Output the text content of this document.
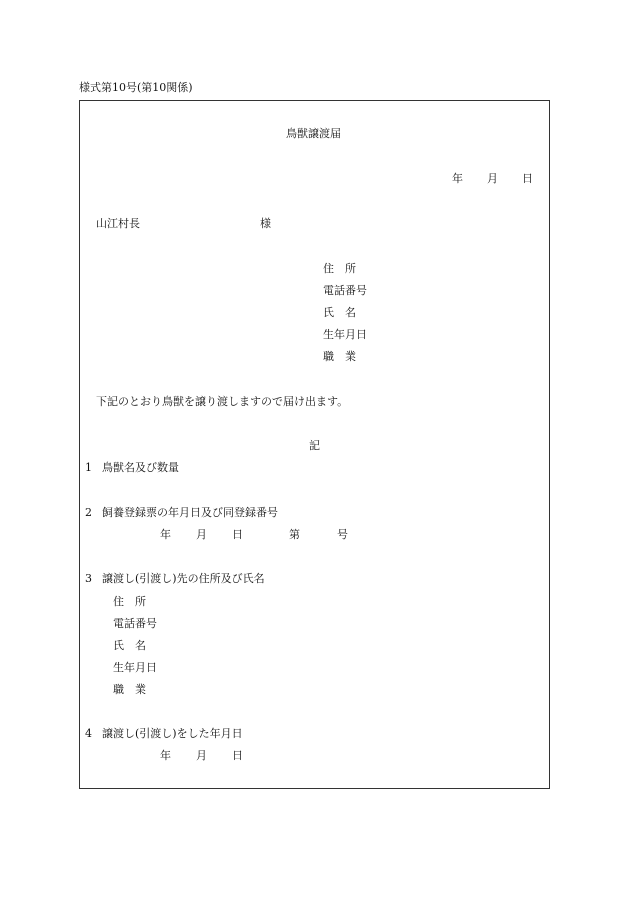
様式第10号(第10関係)
鳥獣譲渡届
年 月 日
山江村長	様
住　所
電話番号
氏　名
生年月日
職　業
下記のとおり鳥獣を譲り渡しますので届け出ます。
記
1 鳥獣名及び数量
2 飼養登録票の年月日及び同登録番号
年 月 日	第	号
3 譲渡し(引渡し)先の住所及び氏名
住　所
電話番号
氏　名
生年月日
職　業
4 譲渡し(引渡し)をした年月日
年 月 日
